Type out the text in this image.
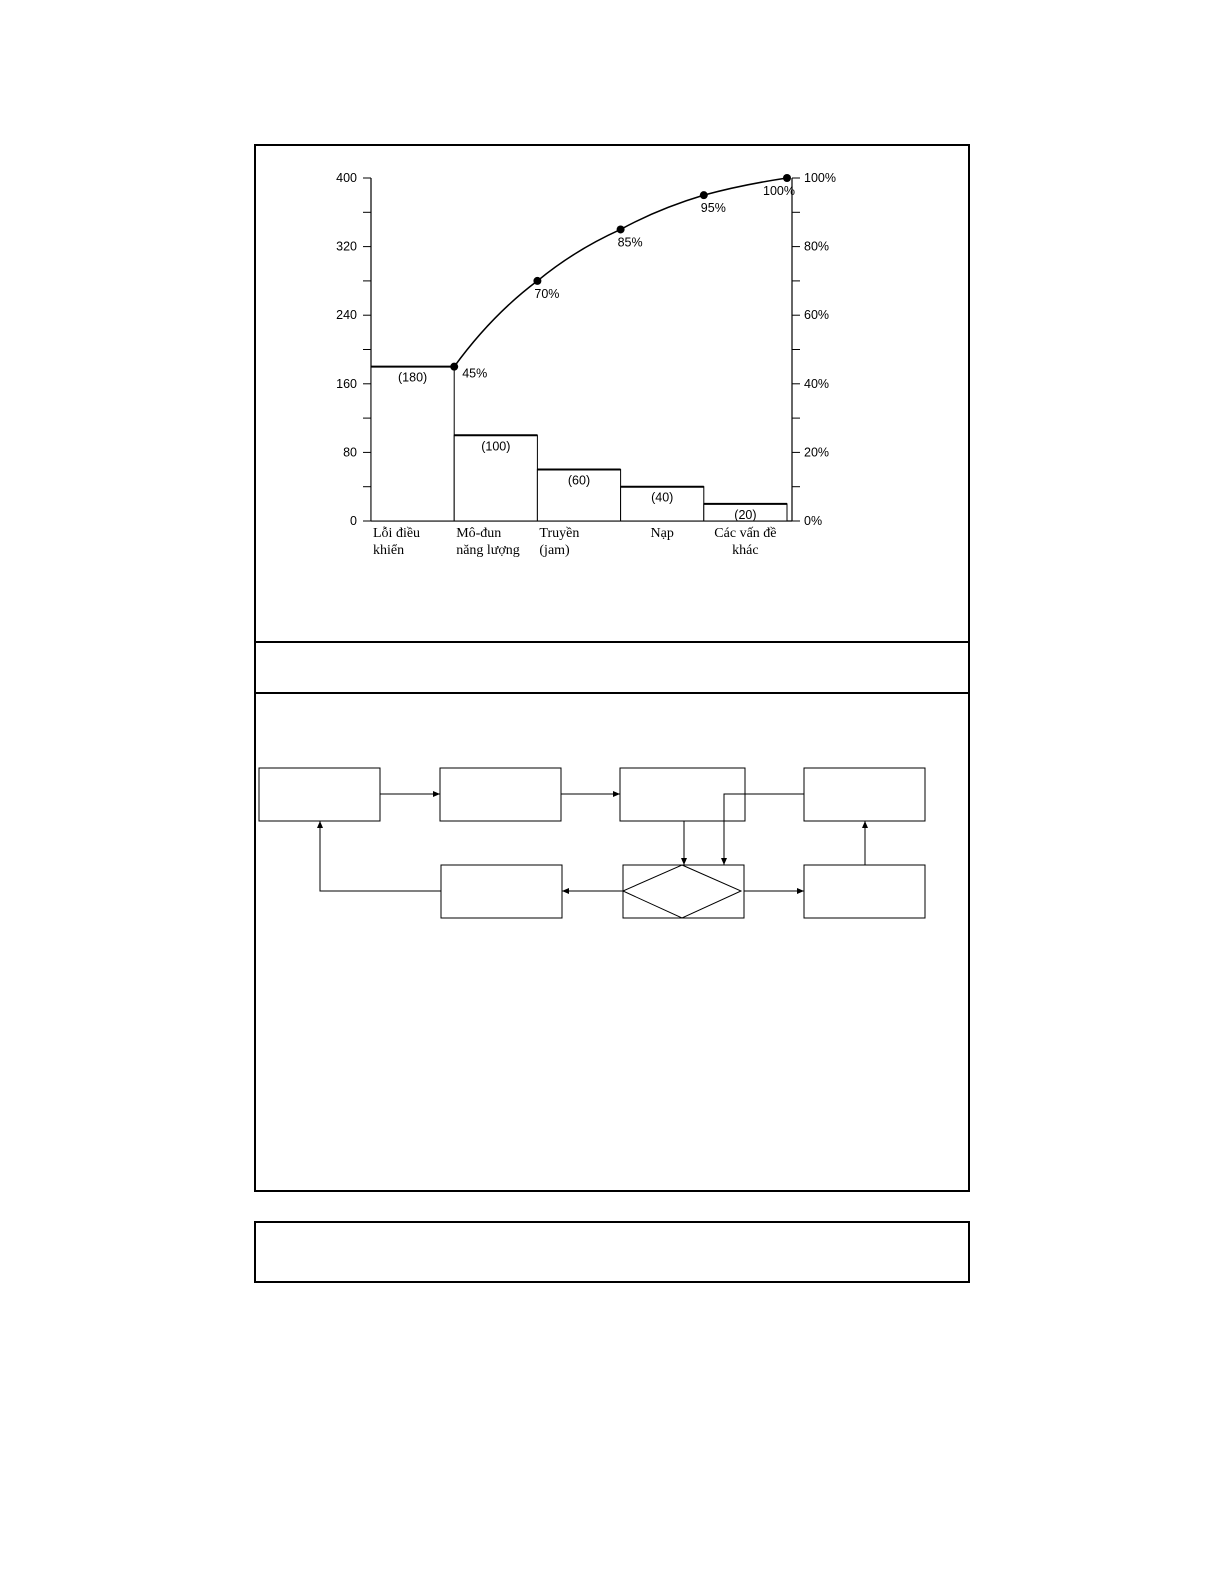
0
80
160
240
320
400
0%
20%
40%
60%
80%
100%
(180)
Lỗi điều
khiển
(100)
Mô-đun
năng lượng
(60)
Truyền
(jam)
(40)
Nạp
(20)
Các vấn đề
khác
45%
70%
85%
95%
100%
